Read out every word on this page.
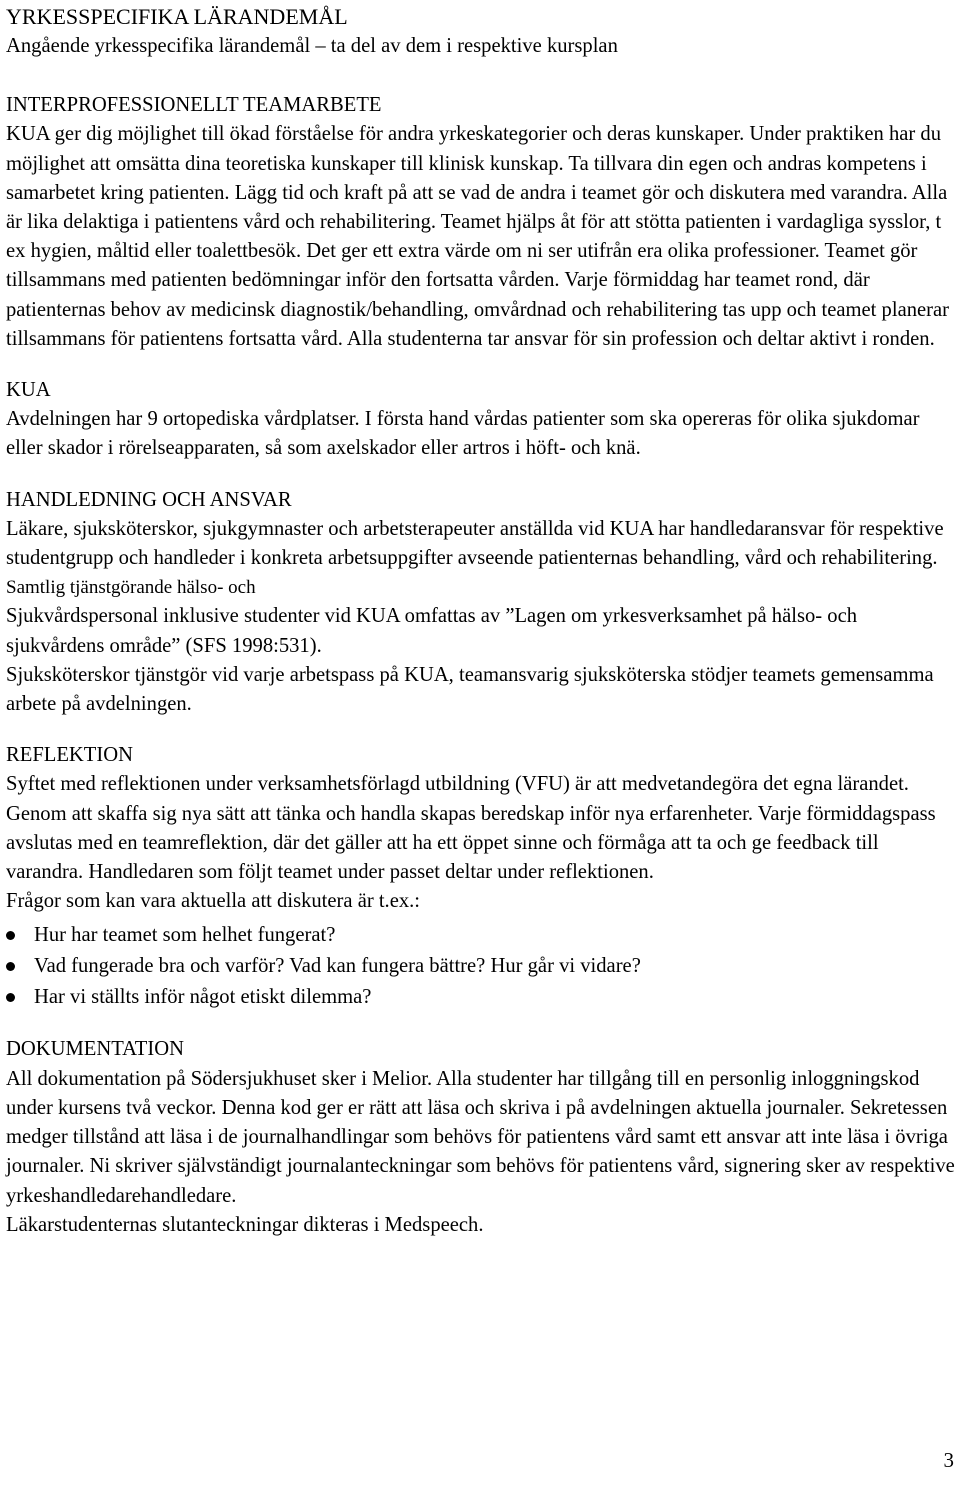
YRKESSPECIFIKA LÄRANDEMÅL
Angående yrkesspecifika lärandemål – ta del av dem i respektive kursplan
INTERPROFESSIONELLT TEAMARBETE
KUA ger dig möjlighet till ökad förståelse för andra yrkeskategorier och deras kunskaper. Under praktiken har du möjlighet att omsätta dina teoretiska kunskaper till klinisk kunskap. Ta tillvara din egen och andras kompetens i samarbetet kring patienten. Lägg tid och kraft på att se vad de andra i teamet gör och diskutera med varandra. Alla är lika delaktiga i patientens vård och rehabilitering. Teamet hjälps åt för att stötta patienten i vardagliga sysslor, t ex hygien, måltid eller toalettbesök. Det ger ett extra värde om ni ser utifrån era olika professioner. Teamet gör tillsammans med patienten bedömningar inför den fortsatta vården. Varje förmiddag har teamet rond, där patienternas behov av medicinsk diagnostik/behandling, omvårdnad och rehabilitering tas upp och teamet planerar tillsammans för patientens fortsatta vård. Alla studenterna tar ansvar för sin profession och deltar aktivt i ronden.
KUA
Avdelningen har 9 ortopediska vårdplatser. I första hand vårdas patienter som ska opereras för olika sjukdomar eller skador i rörelseapparaten, så som axelskador eller artros i höft- och knä.
HANDLEDNING OCH ANSVAR
Läkare, sjuksköterskor, sjukgymnaster och arbetsterapeuter anställda vid KUA har handledaransvar för respektive studentgrupp och handleder i konkreta arbetsuppgifter avseende patienternas behandling, vård och rehabilitering. Samtlig tjänstgörande hälso- och
Sjukvårdspersonal inklusive studenter vid KUA omfattas av ”Lagen om yrkesverksamhet på hälso- och sjukvårdens område” (SFS 1998:531).
Sjuksköterskor tjänstgör vid varje arbetspass på KUA, teamansvarig sjuksköterska stödjer teamets gemensamma arbete på avdelningen.
REFLEKTION
Syftet med reflektionen under verksamhetsförlagd utbildning (VFU) är att medvetandegöra det egna lärandet. Genom att skaffa sig nya sätt att tänka och handla skapas beredskap inför nya erfarenheter. Varje förmiddagspass avslutas med en teamreflektion, där det gäller att ha ett öppet sinne och förmåga att ta och ge feedback till varandra. Handledaren som följt teamet under passet deltar under reflektionen.
Frågor som kan vara aktuella att diskutera är t.ex.:
Hur har teamet som helhet fungerat?
Vad fungerade bra och varför? Vad kan fungera bättre? Hur går vi vidare?
Har vi ställts inför något etiskt dilemma?
DOKUMENTATION
All dokumentation på Södersjukhuset sker i Melior. Alla studenter har tillgång till en personlig inloggningskod under kursens två veckor. Denna kod ger er rätt att läsa och skriva i på avdelningen aktuella journaler. Sekretessen medger tillstånd att läsa i de journalhandlingar som behövs för patientens vård samt ett ansvar att inte läsa i övriga journaler. Ni skriver självständigt journalanteckningar som behövs för patientens vård, signering sker av respektive yrkeshandledarehandledare.
Läkarstudenternas slutanteckningar dikteras i Medspeech.
3
